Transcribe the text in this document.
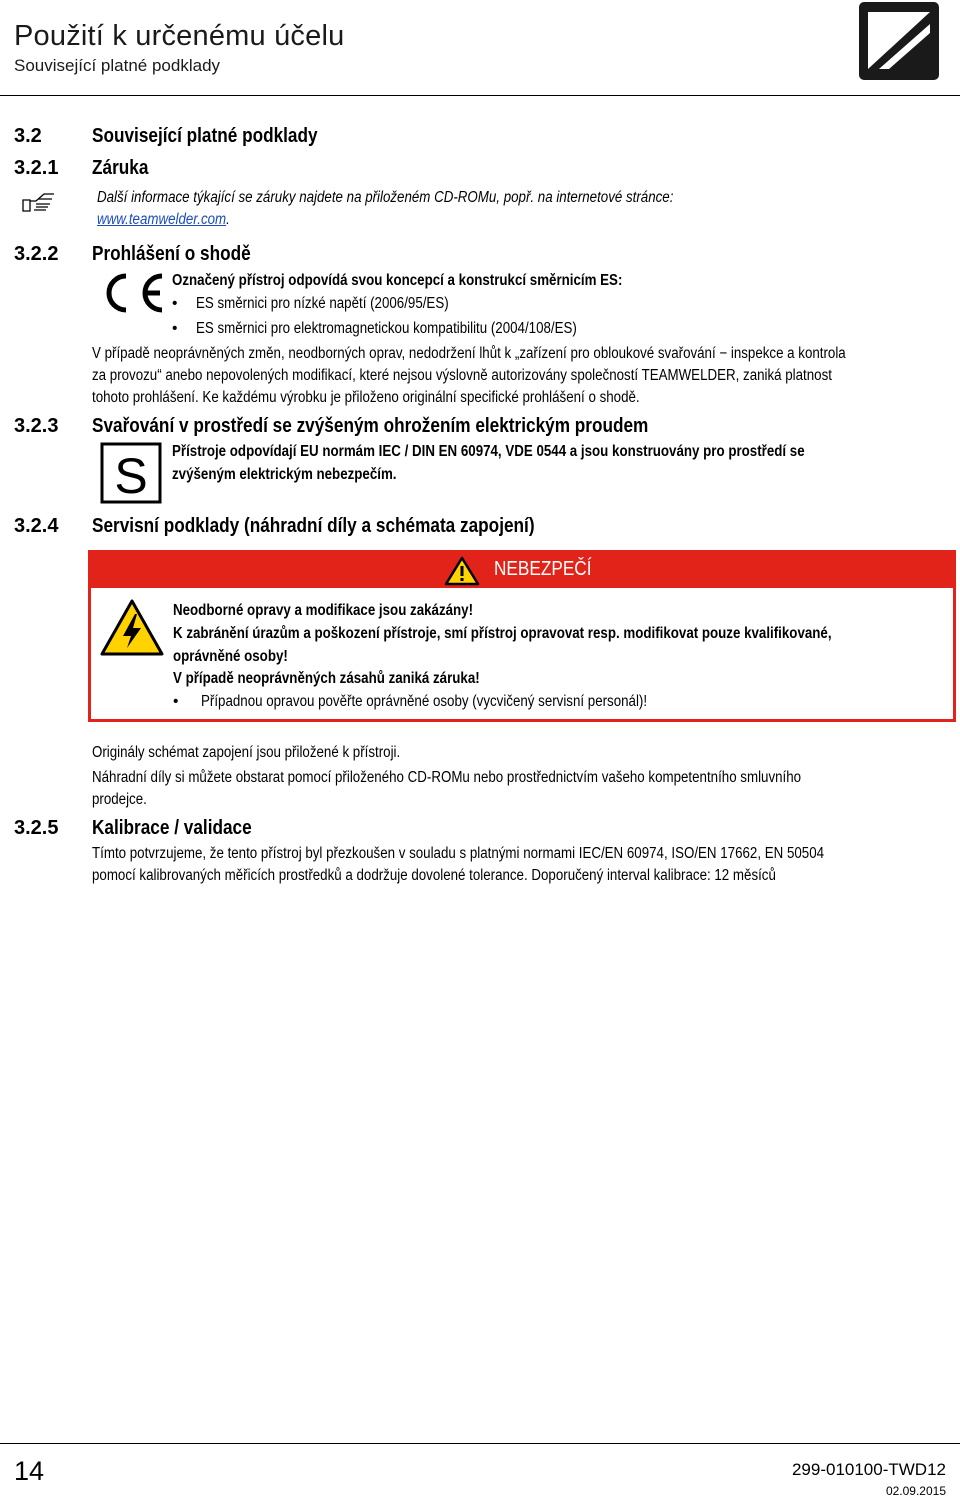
Použití k určenému účelu
Související platné podklady
3.2	Související platné podklady
3.2.1 Záruka
Další informace týkající se záruky najdete na přiloženém CD-ROMu, popř. na internetové stránce:
www.teamwelder.com.
3.2.2 Prohlášení o shodě
Označený přístroj odpovídá svou koncepcí a konstrukcí směrnicím ES:
• ES směrnici pro nízké napětí (2006/95/ES)
• ES směrnici pro elektromagnetickou kompatibilitu (2004/108/ES)
V případě neoprávněných změn, neodborných oprav, nedodržení lhůt k „zařízení pro obloukové svařování − inspekce a kontrola
za provozu“ anebo nepovolených modifikací, které nejsou výslovně autorizovány společností TEAMWELDER, zaniká platnost
tohoto prohlášení. Ke každému výrobku je přiloženo originální specifické prohlášení o shodě.
3.2.3 Svařování v prostředí se zvýšeným ohrožením elektrickým proudem
S Přístroje odpovídají EU normám IEC / DIN EN 60974, VDE 0544 a jsou konstruovány pro prostředí se
zvýšeným elektrickým nebezpečím.
3.2.4 Servisní podklady (náhradní díly a schémata zapojení)
NEBEZPEČÍ
Neodborné opravy a modifikace jsou zakázány!
K zabránění úrazům a poškození přístroje, smí přístroj opravovat resp. modifikovat pouze kvalifikované,
oprávněné osoby!
V případě neoprávněných zásahů zaniká záruka!
• Případnou opravou pověřte oprávněné osoby (vycvičený servisní personál)!
Originály schémat zapojení jsou přiložené k přístroji.
Náhradní díly si můžete obstarat pomocí přiloženého CD-ROMu nebo prostřednictvím vašeho kompetentního smluvního
prodejce.
3.2.5 Kalibrace / validace
Tímto potvrzujeme, že tento přístroj byl přezkoušen v souladu s platnými normami IEC/EN 60974, ISO/EN 17662, EN 50504
pomocí kalibrovaných měřicích prostředků a dodržuje dovolené tolerance. Doporučený interval kalibrace: 12 měsíců
14	299-010100-TWD12
02.09.2015
